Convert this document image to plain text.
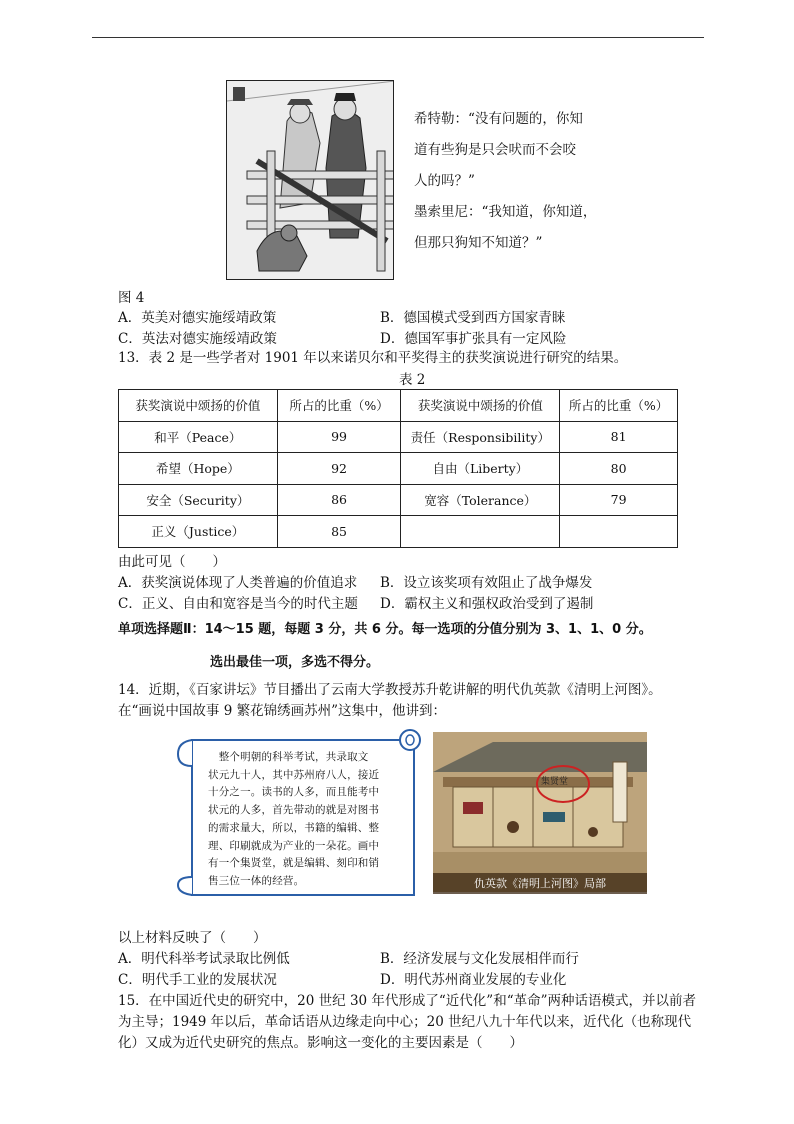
希特勒：“没有问题的，你知
道有些狗是只会吠而不会咬
人的吗？”
墨索里尼：“我知道，你知道，
但那只狗知不知道？”
图 4
A．英美对德实施绥靖政策	B．德国模式受到西方国家青睐
C．英法对德实施绥靖政策	D．德国军事扩张具有一定风险
13．表 2 是一些学者对 1901 年以来诺贝尔和平奖得主的获奖演说进行研究的结果。
表 2
获奖演说中颂扬的价值	所占的比重（%）	获奖演说中颂扬的价值	所占的比重（%）
和平（Peace）	99	责任（Responsibility）	81
希望（Hope）	92	自由（Liberty）	80
安全（Security）	86	宽容（Tolerance）	79
正义（Justice）	85		
由此可见（　　）
A．获奖演说体现了人类普遍的价值追求 B．设立该奖项有效阻止了战争爆发
C．正义、自由和宽容是当今的时代主题 D．霸权主义和强权政治受到了遏制
单项选择题Ⅱ：14～15 题，每题 3 分，共 6 分。每一选项的分值分别为 3、1、1、0 分。
选出最佳一项，多选不得分。
14．近期，《百家讲坛》节目播出了云南大学教授苏升乾讲解的明代仇英款《清明上河图》。
在“画说中国故事 9 繁花锦绣画苏州”这集中，他讲到：
　整个明朝的科举考试，共录取文
状元九十人，其中苏州府八人，接近
十分之一。读书的人多，而且能考中
状元的人多，首先带动的就是对图书
的需求量大，所以，书籍的编辑、整
理、印刷就成为产业的一朵花。画中
有一个集贤堂，就是编辑、刻印和销
售三位一体的经营。
集贤堂
仇英款《清明上河图》局部
以上材料反映了（　　）
A．明代科举考试录取比例低	B．经济发展与文化发展相伴而行
C．明代手工业的发展状况	D．明代苏州商业发展的专业化
15．在中国近代史的研究中，20 世纪 30 年代形成了“近代化”和“革命”两种话语模式，并以前者
为主导；1949 年以后，革命话语从边缘走向中心；20 世纪八九十年代以来，近代化（也称现代
化）又成为近代史研究的焦点。影响这一变化的主要因素是（　　）
